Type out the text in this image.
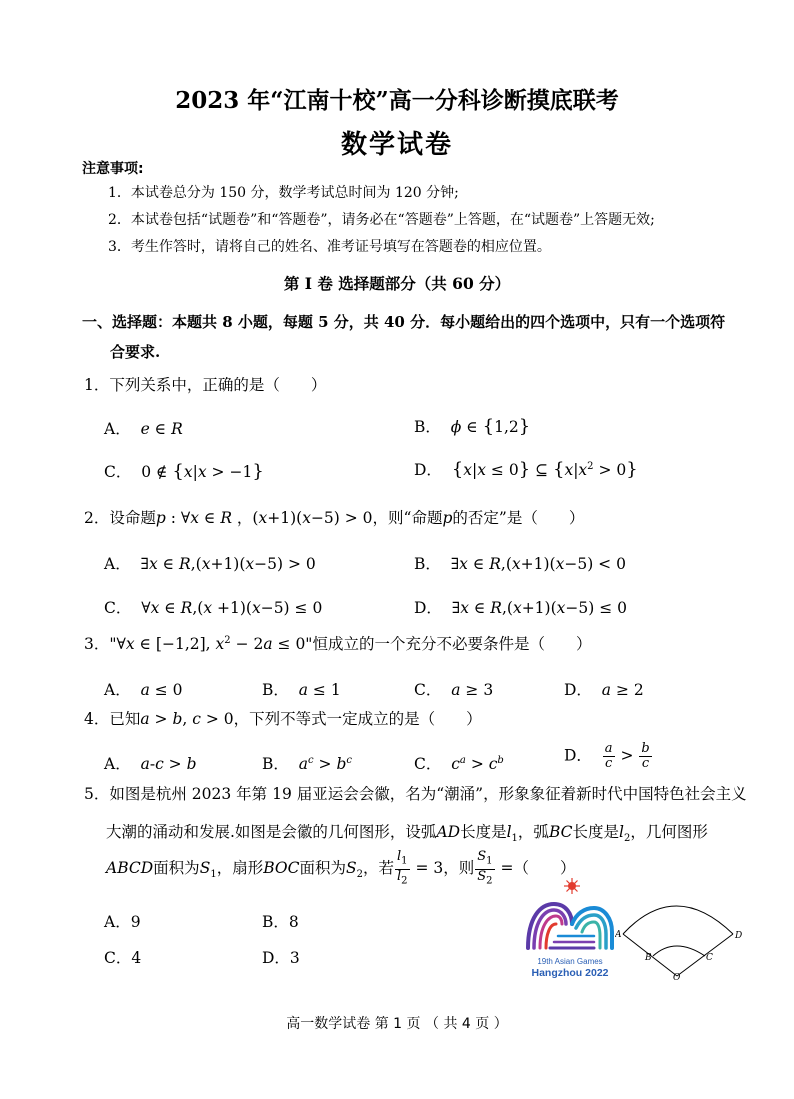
2023 年“江南十校”高一分科诊断摸底联考
数学试卷
注意事项:
1．本试卷总分为 150 分，数学考试总时间为 120 分钟;
2．本试卷包括“试题卷”和“答题卷”，请务必在“答题卷”上答题，在“试题卷”上答题无效;
3．考生作答时，请将自己的姓名、准考证号填写在答题卷的相应位置。
第 I 卷 选择题部分（共 60 分）
一、选择题：本题共 8 小题，每题 5 分，共 40 分．每小题给出的四个选项中，只有一个选项符
合要求.
1．下列关系中，正确的是（　　）
A． e ∈ R	B． ϕ ∈ {1,2}
C．  0 ∉ {x|x > −1}	D． {x|x ≤ 0} ⊆ $\{x|x^2 > 0\}$
2．设命题p : ∀x ∈ R ，(x+1)(x−5) > 0，则“命题p的否定”是（　　）
A．  ∃x ∈ R,(x+1)(x−5) > 0	B．  ∃x ∈ R,(x+1)(x−5) < 0
C．  ∀x ∈ R,(x +1)(x−5) ≤ 0	D．  ∃x ∈ R,(x+1)(x−5) ≤ 0
3．"∀x ∈ [−1,2], $x^2 - 2a \le 0$"恒成立的一个充分不必要条件是（　　）
A． a ≤ 0	B． a ≤ 1	C． a ≥ 3	D． a ≥ 2
4．已知a > b, c > 0，下列不等式一定成立的是（　　）
A． a-c > b	B． $a^c > b^c$	C． $c^a > c^b$	D． $\frac{a}{c} > \frac{b}{c}$
5．如图是杭州 2023 年第 19 届亚运会会徽，名为“潮涌”，形象象征着新时代中国特色社会主义
大潮的涌动和发展.如图是会徽的几何图形，设弧AD长度是$l_1$，弧BC长度是$l_2$，几何图形
ABCD面积为$S_1$，扇形BOC面积为$S_2$，若 $\frac{l_1}{l_2} = 3$，则 $\frac{S_1}{S_2}$ =（　　）
A．9	B．8
C．4	D．3	19th Asian Games
Hangzhou 2022
A
B	C
D
O
高一数学试卷 第 1 页 （ 共 4 页 ）
